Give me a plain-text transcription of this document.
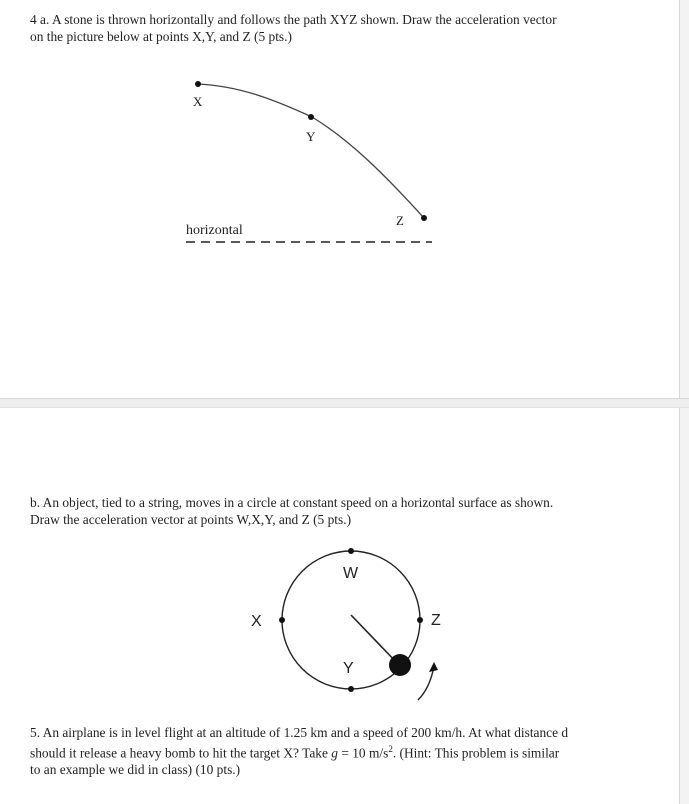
4 a. A stone is thrown horizontally and follows the path XYZ shown. Draw the acceleration vector on the picture below at points X,Y, and Z (5 pts.)
X
Y
Z
horizontal
b. An object, tied to a string, moves in a circle at constant speed on a horizontal surface as shown. Draw the acceleration vector at points W,X,Y, and Z (5 pts.)
W
X
Y
Z
5. An airplane is in level flight at an altitude of 1.25 km and a speed of 200 km/h. At what distance d should it release a heavy bomb to hit the target X? Take g = 10 $m/s^2$. (Hint: This problem is similar to an example we did in class) (10 pts.)
